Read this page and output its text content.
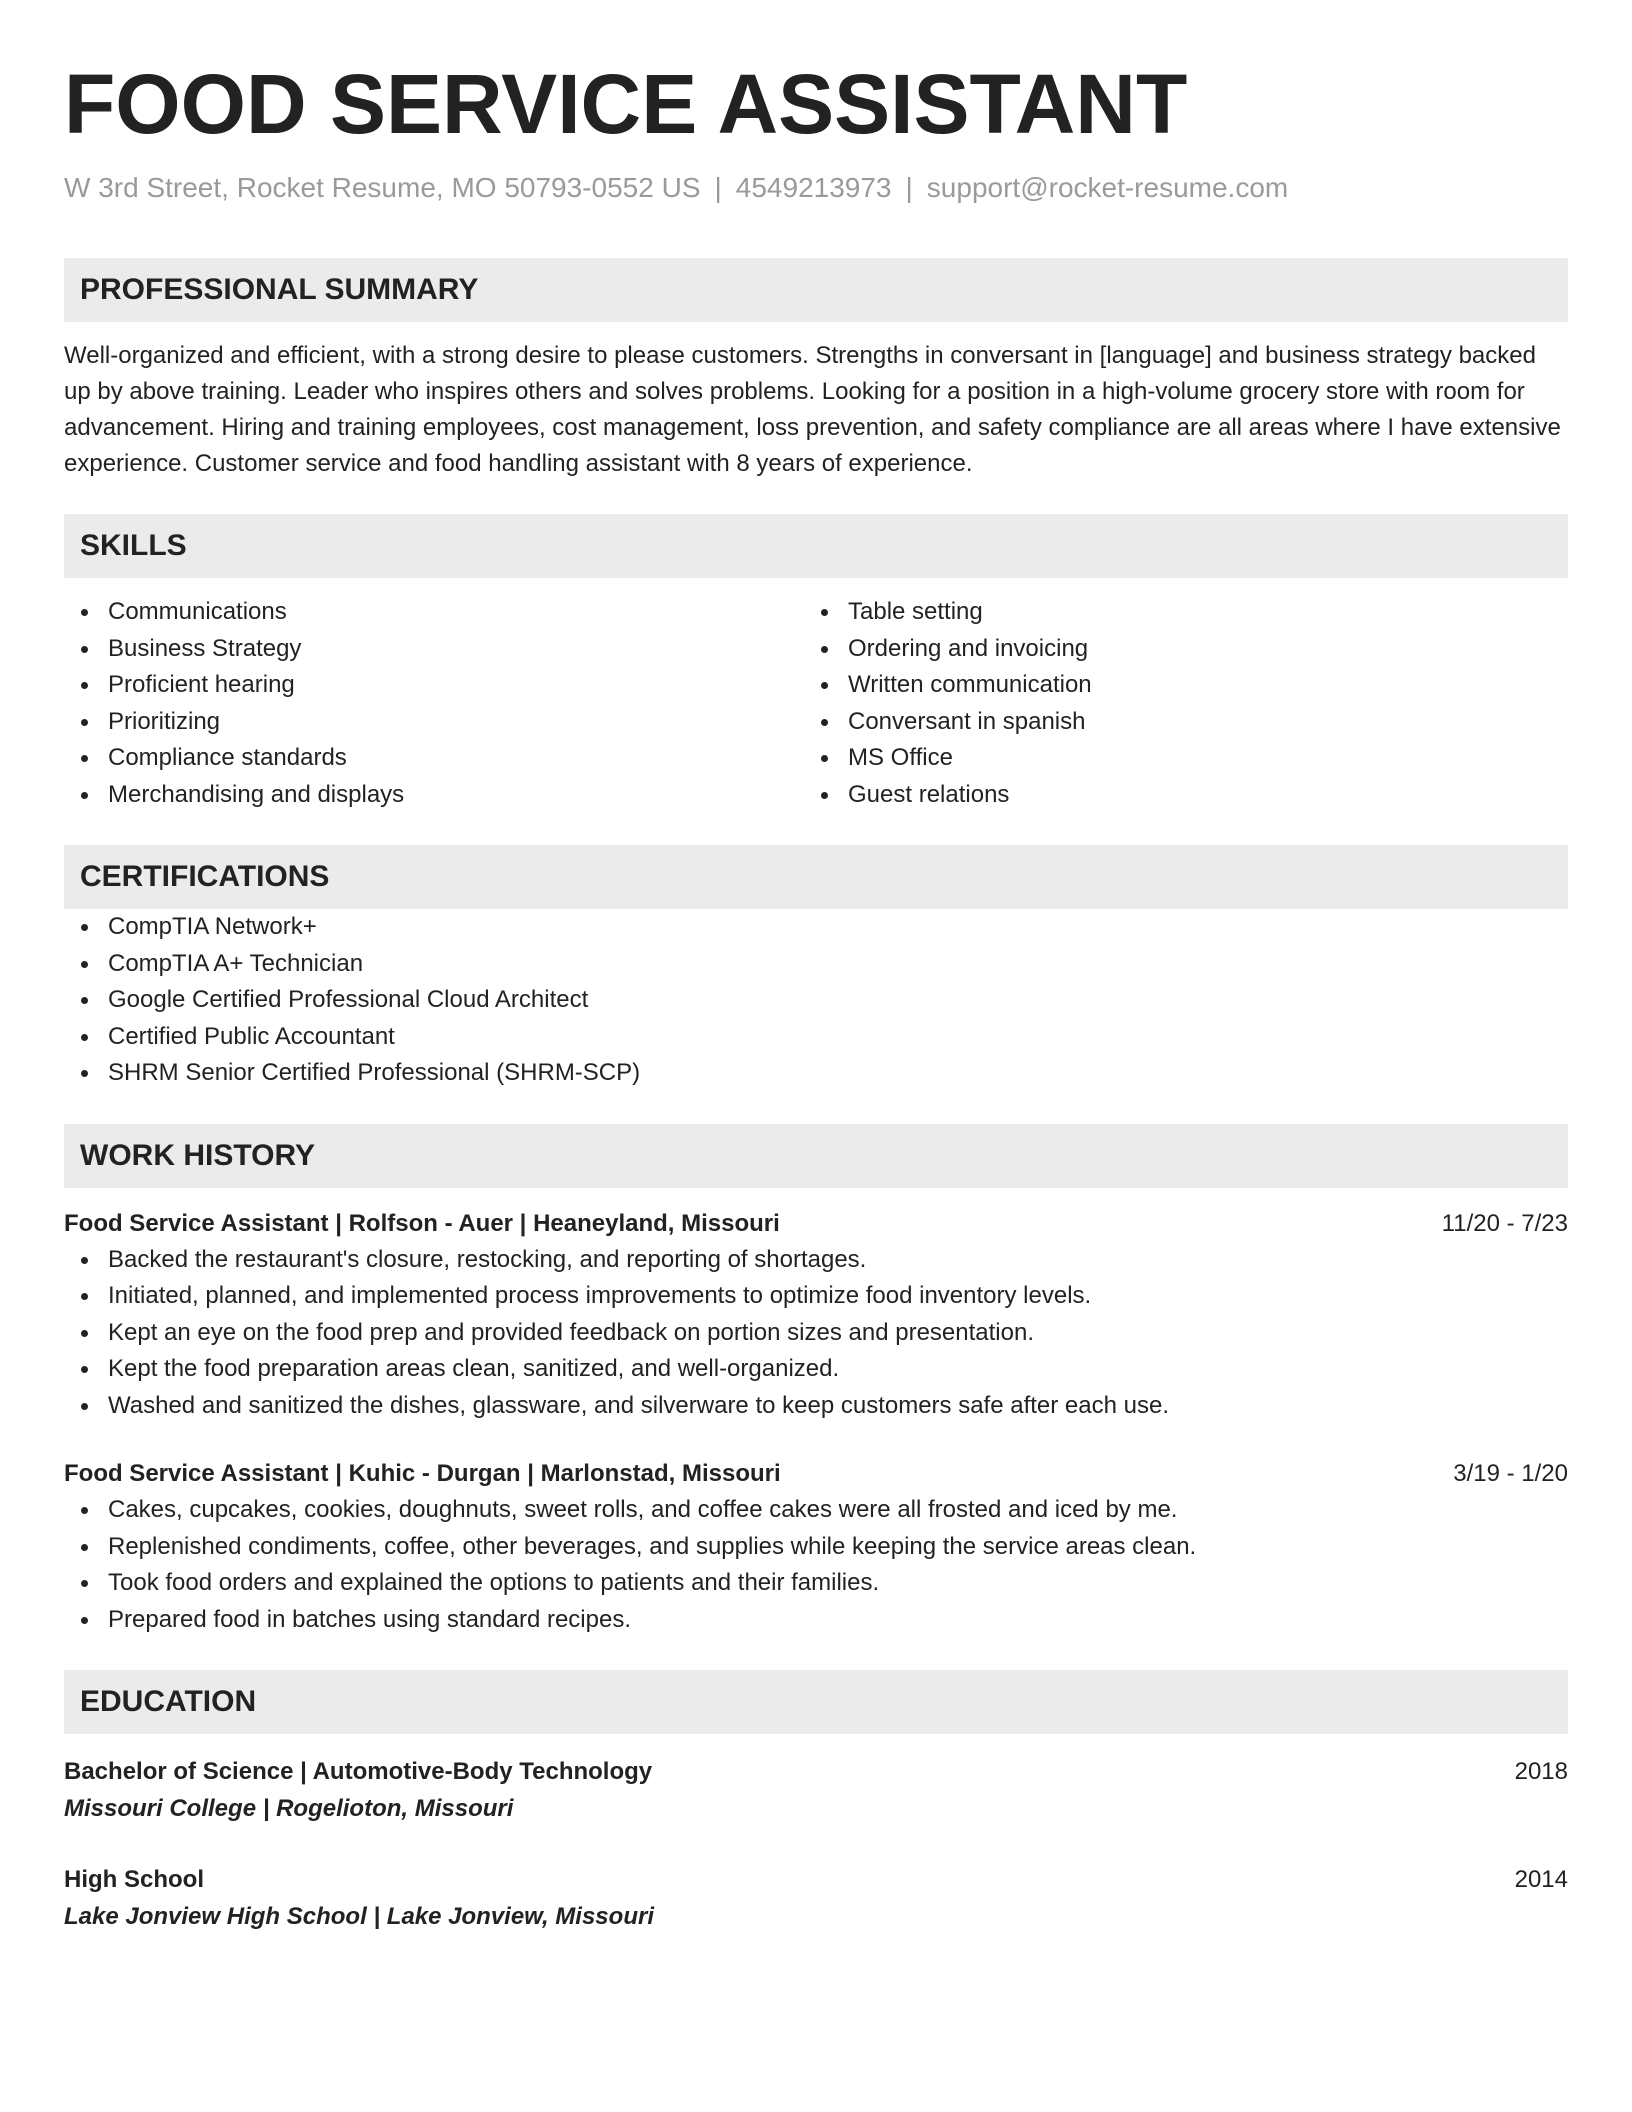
FOOD SERVICE ASSISTANT
W 3rd Street, Rocket Resume, MO 50793-0552 US | 4549213973 | support@rocket-resume.com
PROFESSIONAL SUMMARY
Well-organized and efficient, with a strong desire to please customers. Strengths in conversant in [language] and business strategy backed up by above training. Leader who inspires others and solves problems. Looking for a position in a high-volume grocery store with room for advancement. Hiring and training employees, cost management, loss prevention, and safety compliance are all areas where I have extensive experience. Customer service and food handling assistant with 8 years of experience.
SKILLS
Communications
Business Strategy
Proficient hearing
Prioritizing
Compliance standards
Merchandising and displays
Table setting
Ordering and invoicing
Written communication
Conversant in spanish
MS Office
Guest relations
CERTIFICATIONS
CompTIA Network+
CompTIA A+ Technician
Google Certified Professional Cloud Architect
Certified Public Accountant
SHRM Senior Certified Professional (SHRM-SCP)
WORK HISTORY
Food Service Assistant | Rolfson - Auer | Heaneyland, Missouri	11/20 - 7/23
Backed the restaurant's closure, restocking, and reporting of shortages.
Initiated, planned, and implemented process improvements to optimize food inventory levels.
Kept an eye on the food prep and provided feedback on portion sizes and presentation.
Kept the food preparation areas clean, sanitized, and well-organized.
Washed and sanitized the dishes, glassware, and silverware to keep customers safe after each use.
Food Service Assistant | Kuhic - Durgan | Marlonstad, Missouri	3/19 - 1/20
Cakes, cupcakes, cookies, doughnuts, sweet rolls, and coffee cakes were all frosted and iced by me.
Replenished condiments, coffee, other beverages, and supplies while keeping the service areas clean.
Took food orders and explained the options to patients and their families.
Prepared food in batches using standard recipes.
EDUCATION
Bachelor of Science | Automotive-Body Technology	2018
Missouri College | Rogelioton, Missouri
High School	2014
Lake Jonview High School | Lake Jonview, Missouri
